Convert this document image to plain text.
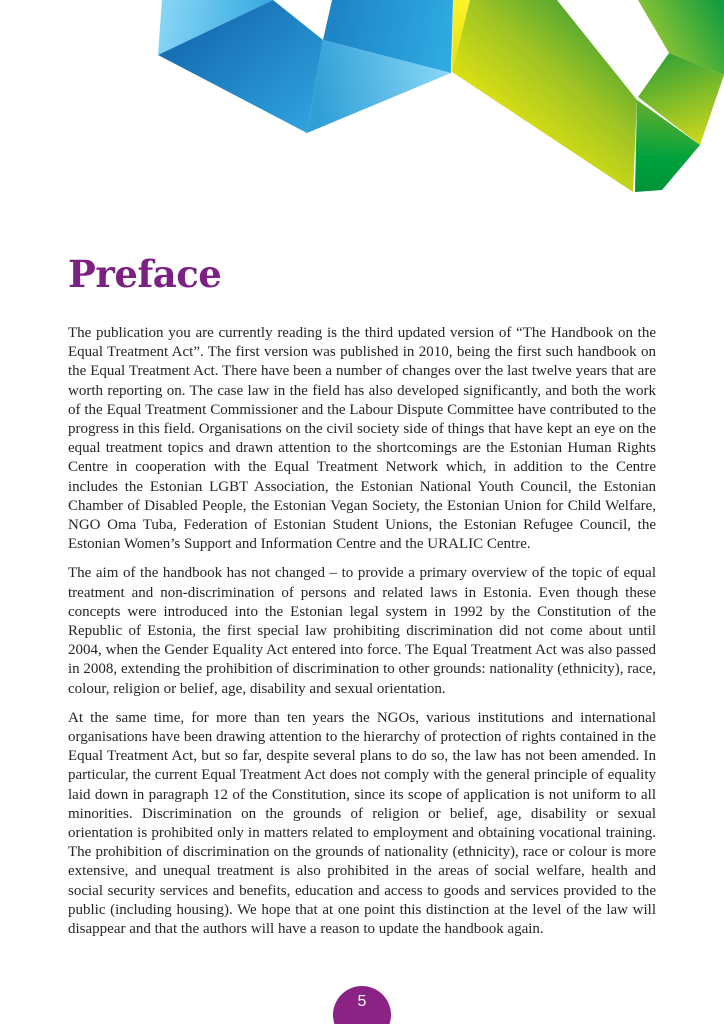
Preface

The publication you are currently reading is the third updated version of “The Handbook on the Equal Treatment Act”. The first version was published in 2010, being the first such handbook on the Equal Treatment Act. There have been a number of changes over the last twelve years that are worth reporting on. The case law in the field has also developed significantly, and both the work of the Equal Treatment Commissioner and the Labour Dispute Committee have contributed to the progress in this field. Organisations on the civil society side of things that have kept an eye on the equal treatment topics and drawn attention to the shortcomings are the Estonian Human Rights Centre in cooperation with the Equal Treatment Network which, in addition to the Centre includes the Estonian LGBT Association, the Estonian National Youth Council, the Estonian Chamber of Disabled People, the Estonian Vegan Society, the Estonian Union for Child Welfare, NGO Oma Tuba, Federation of Estonian Student Unions, the Estonian Refugee Council, the Estonian Women’s Support and Information Centre and the URALIC Centre.

The aim of the handbook has not changed – to provide a primary overview of the topic of equal treatment and non-discrimination of persons and related laws in Estonia. Even though these concepts were introduced into the Estonian legal system in 1992 by the Constitution of the Republic of Estonia, the first special law prohibiting discrimination did not come about until 2004, when the Gender Equality Act entered into force. The Equal Treatment Act was also passed in 2008, extending the prohibition of discrimination to other grounds: nationality (ethnicity), race, colour, religion or belief, age, disability and sexual orientation.

At the same time, for more than ten years the NGOs, various institutions and international organisations have been drawing attention to the hierarchy of protection of rights contained in the Equal Treatment Act, but so far, despite several plans to do so, the law has not been amended. In particular, the current Equal Treatment Act does not comply with the general principle of equality laid down in paragraph 12 of the Constitution, since its scope of application is not uniform to all minorities. Discrimination on the grounds of religion or belief, age, disability or sexual orientation is prohibited only in matters related to employment and obtaining vocational training. The prohibition of discrimination on the grounds of nationality (ethnicity), race or colour is more extensive, and unequal treatment is also prohibited in the areas of social welfare, health and social security services and benefits, education and access to goods and services provided to the public (including housing). We hope that at one point this distinction at the level of the law will disappear and that the authors will have a reason to update the handbook again.

5
